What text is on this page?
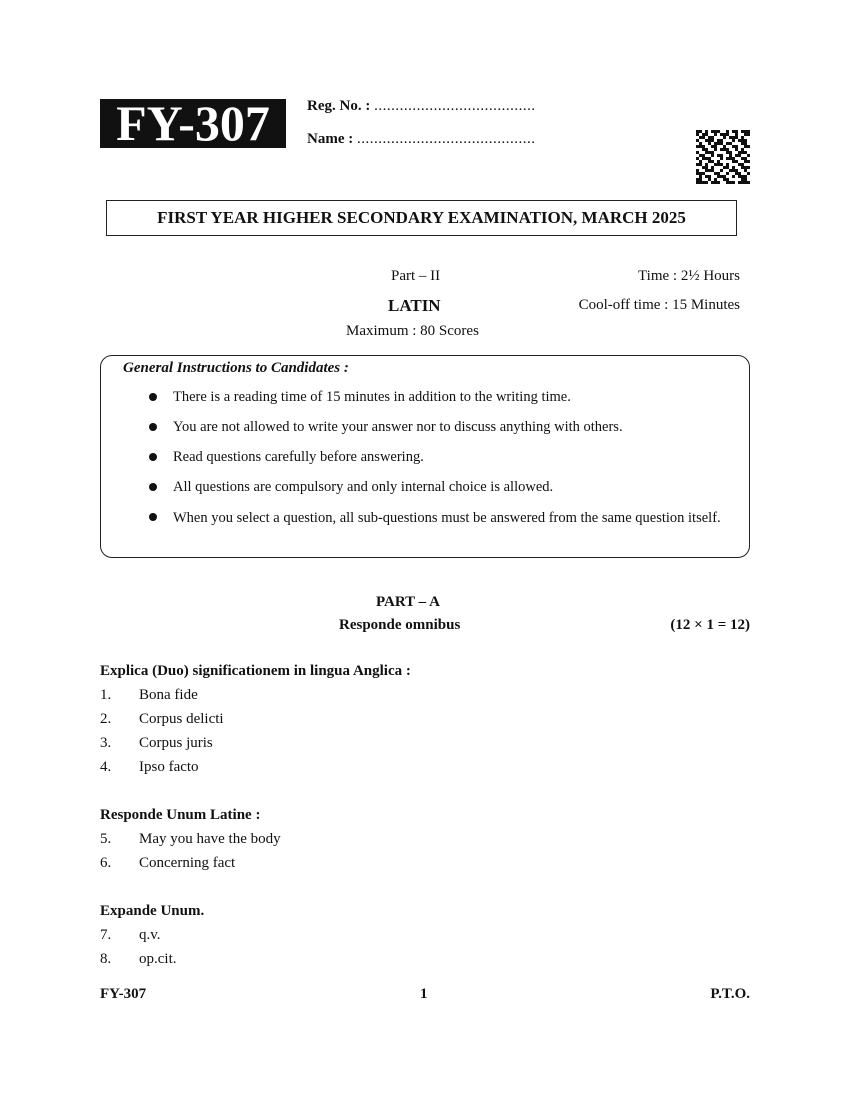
FY-307	Reg. No. : ......................................
Name : ..........................................
FIRST YEAR HIGHER SECONDARY EXAMINATION, MARCH 2025
Part – II
LATIN
Maximum : 80 Scores
Time : 2½ Hours
Cool-off time : 15 Minutes
General Instructions to Candidates :
There is a reading time of 15 minutes in addition to the writing time.
You are not allowed to write your answer nor to discuss anything with others.
Read questions carefully before answering.
All questions are compulsory and only internal choice is allowed.
When you select a question, all sub-questions must be answered from the same question itself.
PART – A
Responde omnibus	(12 × 1 = 12)
Explica (Duo) significationem in lingua Anglica :
1. Bona fide
2. Corpus delicti
3. Corpus juris
4. Ipso facto
Responde Unum Latine :
5. May you have the body
6. Concerning fact
Expande Unum.
7. q.v.
8. op.cit.
FY-307	1	P.T.O.
